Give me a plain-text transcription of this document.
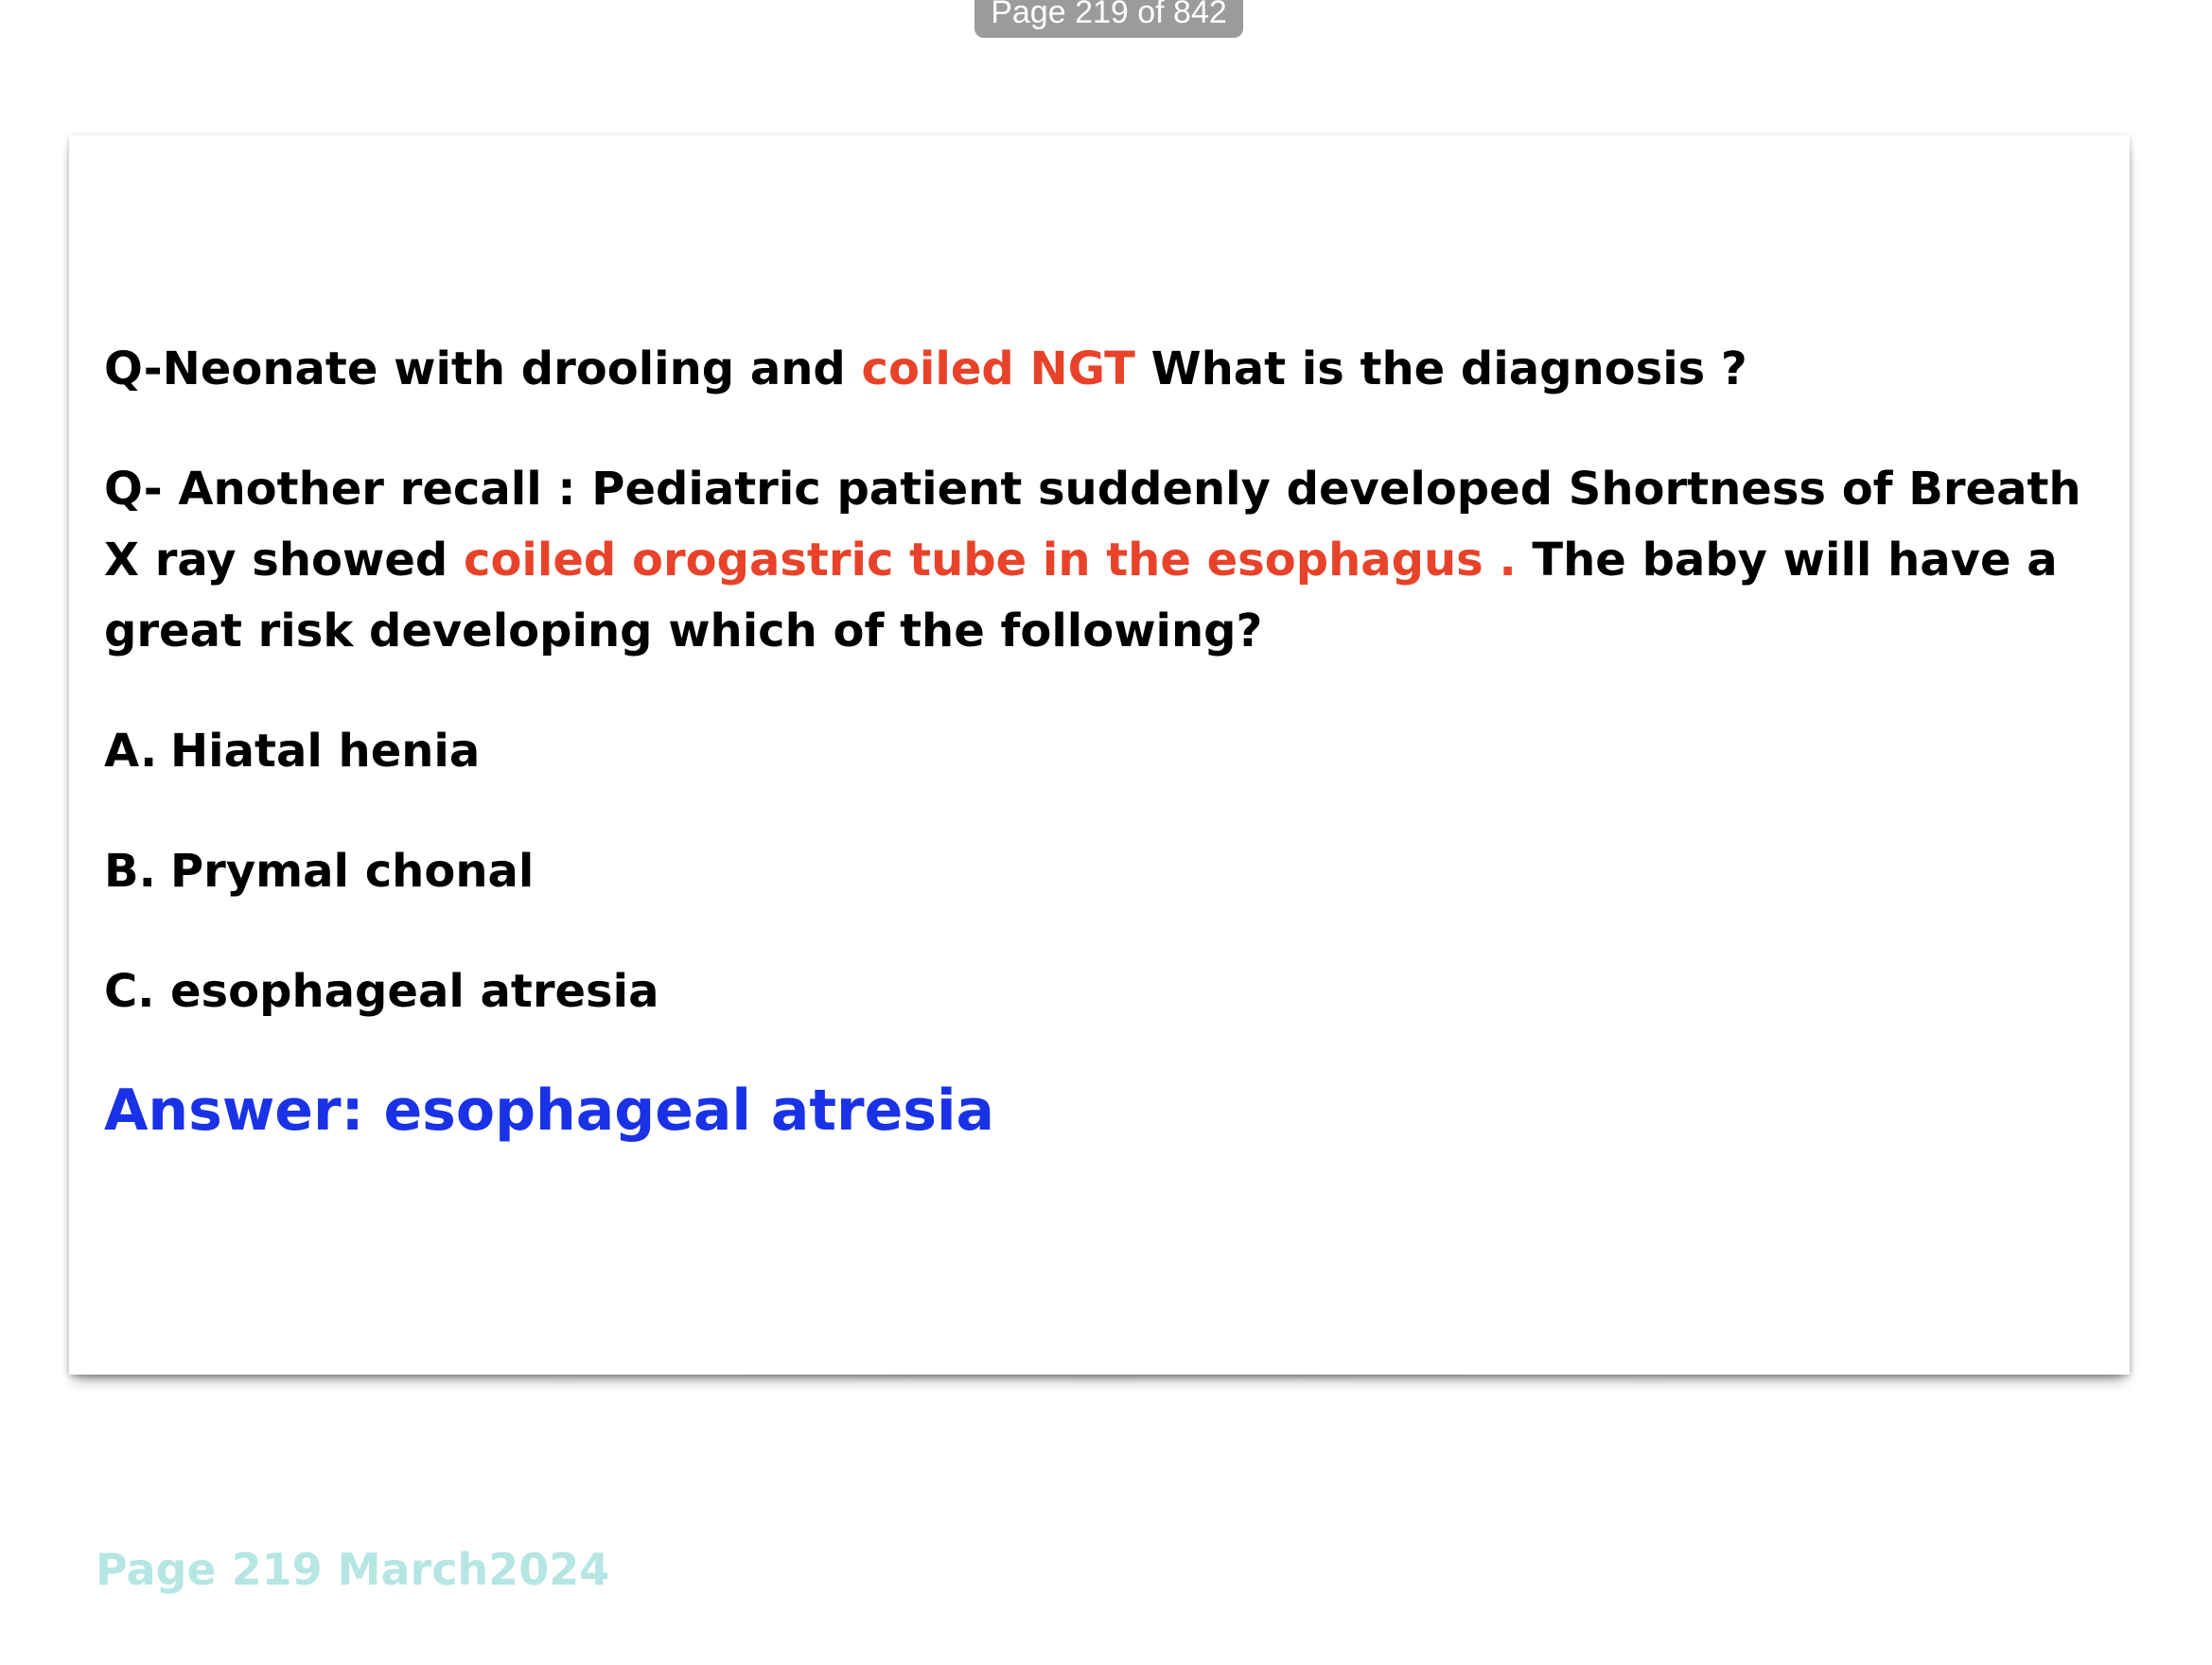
Page 219 of 842

Q-Neonate with drooling and coiled NGT What is the diagnosis ?

Q- Another recall : Pediatric patient suddenly developed Shortness of Breath X ray showed coiled orogastric tube in the esophagus . The baby will have a great risk developing which of the following?

A. Hiatal henia
B. Prymal chonal
C. esophageal atresia
Answer: esophageal atresia
Page 219 March2024
